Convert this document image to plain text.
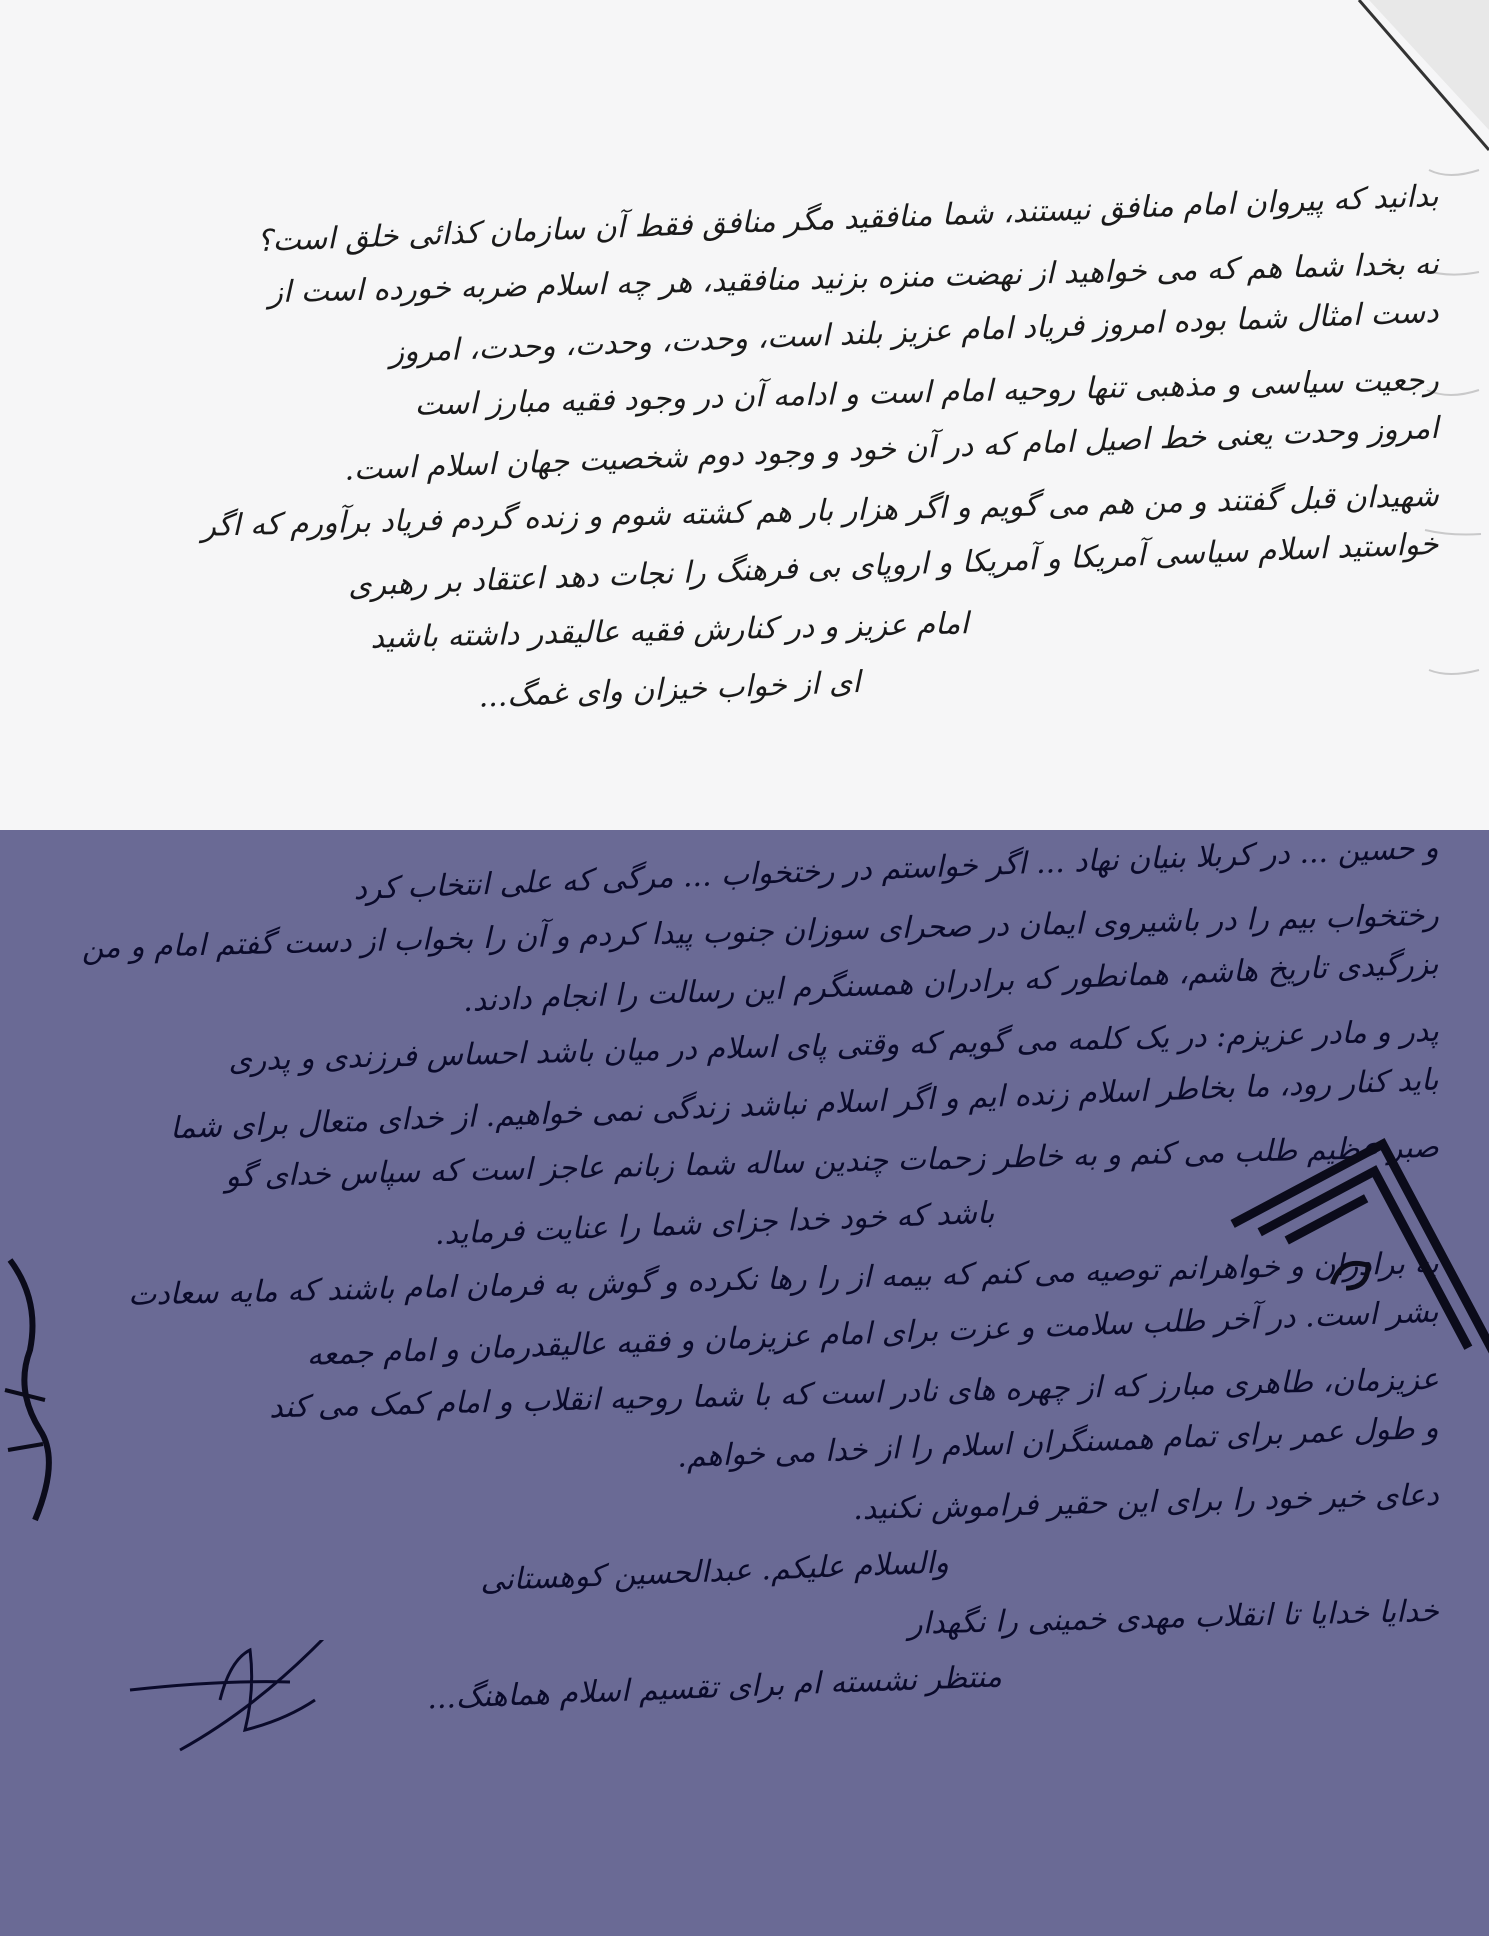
بدانید که پیروان امام منافق نیستند، شما منافقید مگر منافق فقط آن سازمان کذائی خلق است؟
نه بخدا شما هم که می خواهید از نهضت منزه بزنید منافقید، هر چه اسلام ضربه خورده است از
دست امثال شما بوده امروز فریاد امام عزیز بلند است، وحدت، وحدت، وحدت، امروز
رجعیت سیاسی و مذهبی تنها روحیه امام است و ادامه آن در وجود فقیه مبارز است
امروز وحدت یعنی خط اصیل امام که در آن خود و وجود دوم شخصیت جهان اسلام است.
شهیدان قبل گفتند و من هم می گویم و اگر هزار بار هم کشته شوم و زنده گردم فریاد برآورم که اگر
خواستید اسلام سیاسی آمریکا و آمریکا و اروپای بی فرهنگ را نجات دهد اعتقاد بر رهبری
امام عزیز و در کنارش فقیه عالیقدر داشته باشید
ای از خواب خیزان وای غمگ...
و حسین ... در کربلا بنیان نهاد ... اگر خواستم در رختخواب ... مرگی که علی انتخاب کرد
رختخواب بیم را در باشیروی ایمان در صحرای سوزان جنوب پیدا کردم و آن را بخواب از دست گفتم امام و من
بزرگیدی تاریخ هاشم، همانطور که برادران همسنگرم این رسالت را انجام دادند.
پدر و مادر عزیزم: در یک کلمه می گویم که وقتی پای اسلام در میان باشد احساس فرزندی و پدری
باید کنار رود، ما بخاطر اسلام زنده ایم و اگر اسلام نباشد زندگی نمی خواهیم. از خدای متعال برای شما
صبر عظیم طلب می کنم و به خاطر زحمات چندین ساله شما زبانم عاجز است که سپاس خدای گو
باشد که خود خدا جزای شما را عنایت فرماید.
به برادران و خواهرانم توصیه می کنم که بیمه از را رها نکرده و گوش به فرمان امام باشند که مایه سعادت
بشر است. در آخر طلب سلامت و عزت برای امام عزیزمان و فقیه عالیقدرمان و امام جمعه
عزیزمان، طاهری مبارز که از چهره های نادر است که با شما روحیه انقلاب و امام کمک می کند
و طول عمر برای تمام همسنگران اسلام را از خدا می خواهم.
دعای خیر خود را برای این حقیر فراموش نکنید.
والسلام علیکم. عبدالحسین کوهستانی
خدایا خدایا تا انقلاب مهدی خمینی را نگهدار
منتظر نشسته ام برای تقسیم اسلام هماهنگ...
